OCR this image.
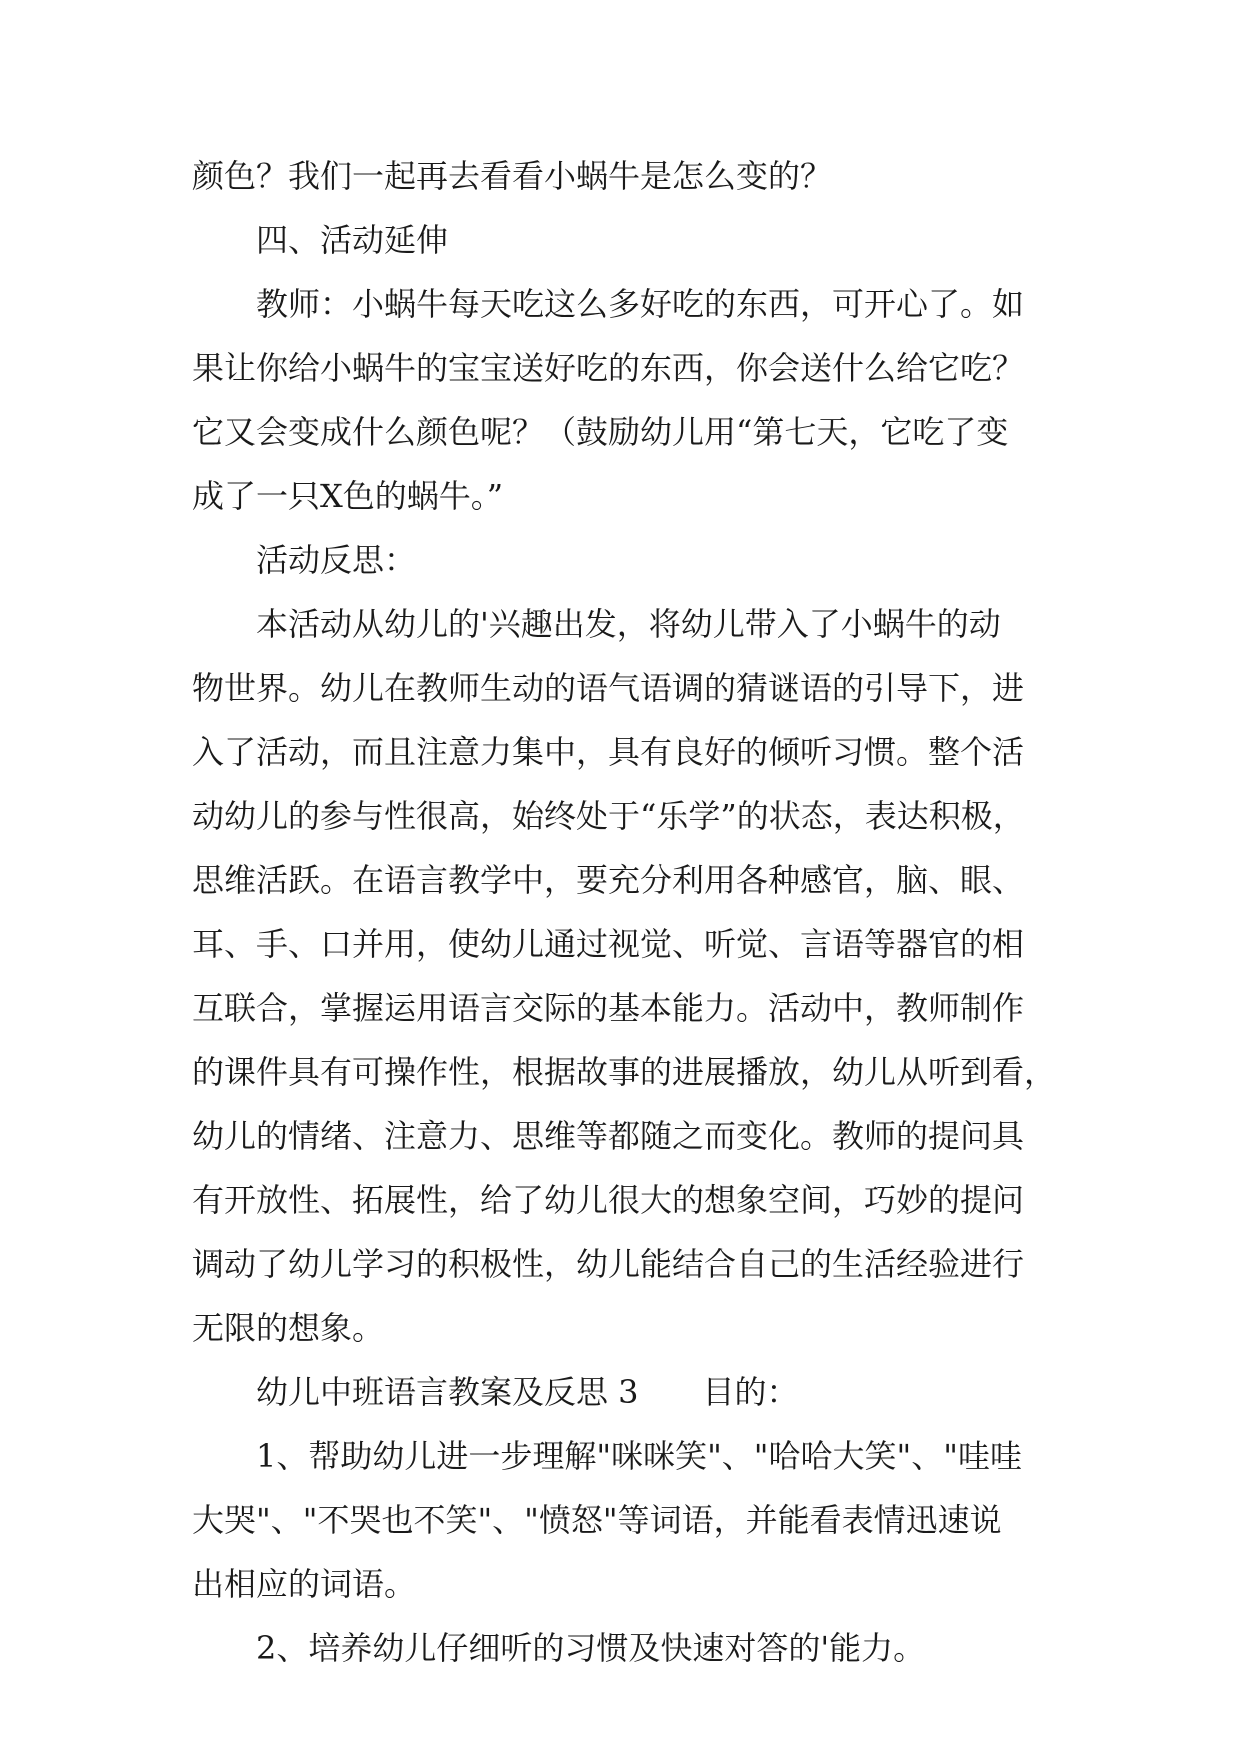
颜色？我们一起再去看看小蜗牛是怎么变的？

　　四、活动延伸

　　教师：小蜗牛每天吃这么多好吃的东西，可开心了。如

果让你给小蜗牛的宝宝送好吃的东西，你会送什么给它吃？

它又会变成什么颜色呢？（鼓励幼儿用“第七天，它吃了变

成了一只X色的蜗牛。”

　　活动反思：

　　本活动从幼儿的'兴趣出发，将幼儿带入了小蜗牛的动

物世界。幼儿在教师生动的语气语调的猜谜语的引导下，进

入了活动，而且注意力集中，具有良好的倾听习惯。整个活

动幼儿的参与性很高，始终处于“乐学”的状态，表达积极，

思维活跃。在语言教学中，要充分利用各种感官，脑、眼、

耳、手、口并用，使幼儿通过视觉、听觉、言语等器官的相

互联合，掌握运用语言交际的基本能力。活动中，教师制作

的课件具有可操作性，根据故事的进展播放，幼儿从听到看，

幼儿的情绪、注意力、思维等都随之而变化。教师的提问具

有开放性、拓展性，给了幼儿很大的想象空间，巧妙的提问

调动了幼儿学习的积极性，幼儿能结合自己的生活经验进行

无限的想象。

　　幼儿中班语言教案及反思 3　　目的：

　　1、帮助幼儿进一步理解"咪咪笑"、"哈哈大笑"、"哇哇

大哭"、"不哭也不笑"、"愤怒"等词语，并能看表情迅速说

出相应的词语。

　　2、培养幼儿仔细听的习惯及快速对答的'能力。
